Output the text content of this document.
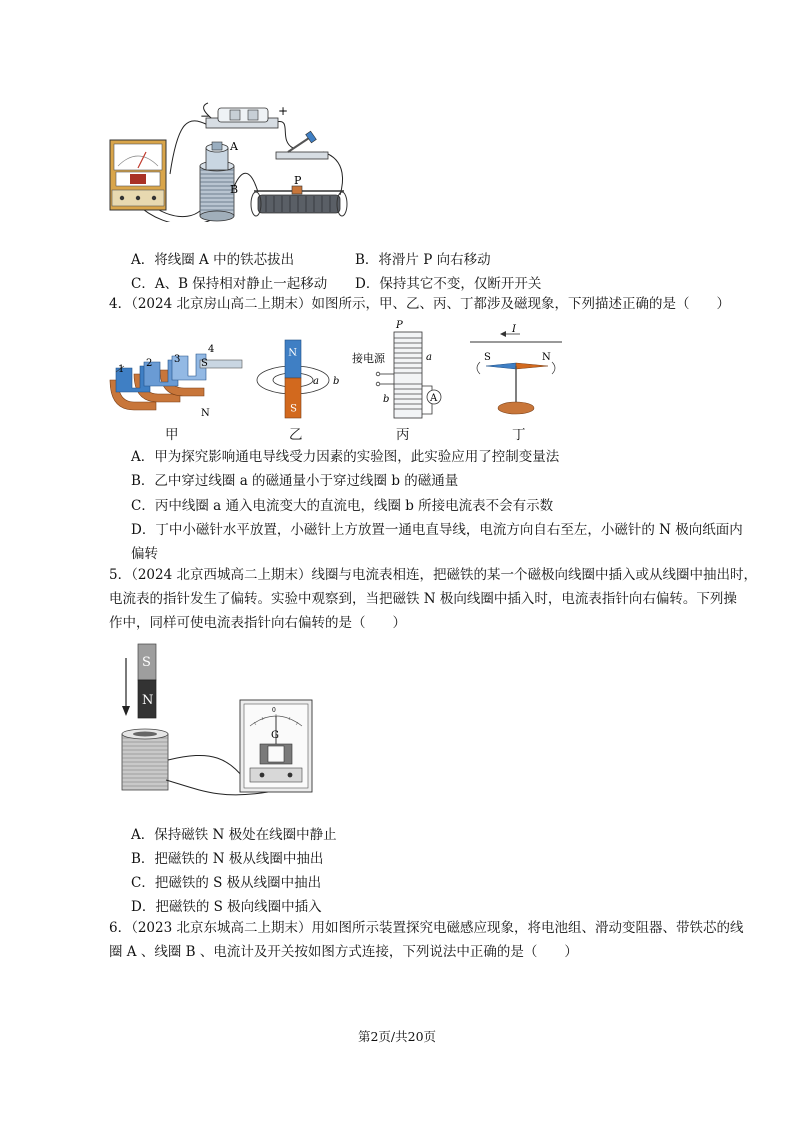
−	+
A
B
P
A．将线圈 A 中的铁芯拔出	B．将滑片 P 向右移动
C．A、B 保持相对静止一起移动 D．保持其它不变，仅断开开关
4．（2024 北京房山高二上期末）如图所示，甲、乙、丙、丁都涉及磁现象，下列描述正确的是（　　）
1
2 3
4
S
N
甲
N
S
a b
乙
A
P
接电源	a
b
丙
I
S	N
丁
A．甲为探究影响通电导线受力因素的实验图，此实验应用了控制变量法
B．乙中穿过线圈 a 的磁通量小于穿过线圈 b 的磁通量
C．丙中线圈 a 通入电流变大的直流电，线圈 b 所接电流表不会有示数
D．丁中小磁针水平放置，小磁针上方放置一通电直导线，电流方向自右至左，小磁针的 N 极向纸面内
偏转
5．（2024 北京西城高二上期末）线圈与电流表相连，把磁铁的某一个磁极向线圈中插入或从线圈中抽出时，
电流表的指针发生了偏转。实验中观察到，当把磁铁 N 极向线圈中插入时，电流表指针向右偏转。下列操
作中，同样可使电流表指针向右偏转的是（　　）
S
N
0
G
A．保持磁铁 N 极处在线圈中静止
B．把磁铁的 N 极从线圈中抽出
C．把磁铁的 S 极从线圈中抽出
D．把磁铁的 S 极向线圈中插入
6．（2023 北京东城高二上期末）用如图所示装置探究电磁感应现象，将电池组、滑动变阻器、带铁芯的线
圈 A 、线圈 B 、电流计及开关按如图方式连接，下列说法中正确的是（　　）
第2页/共20页
